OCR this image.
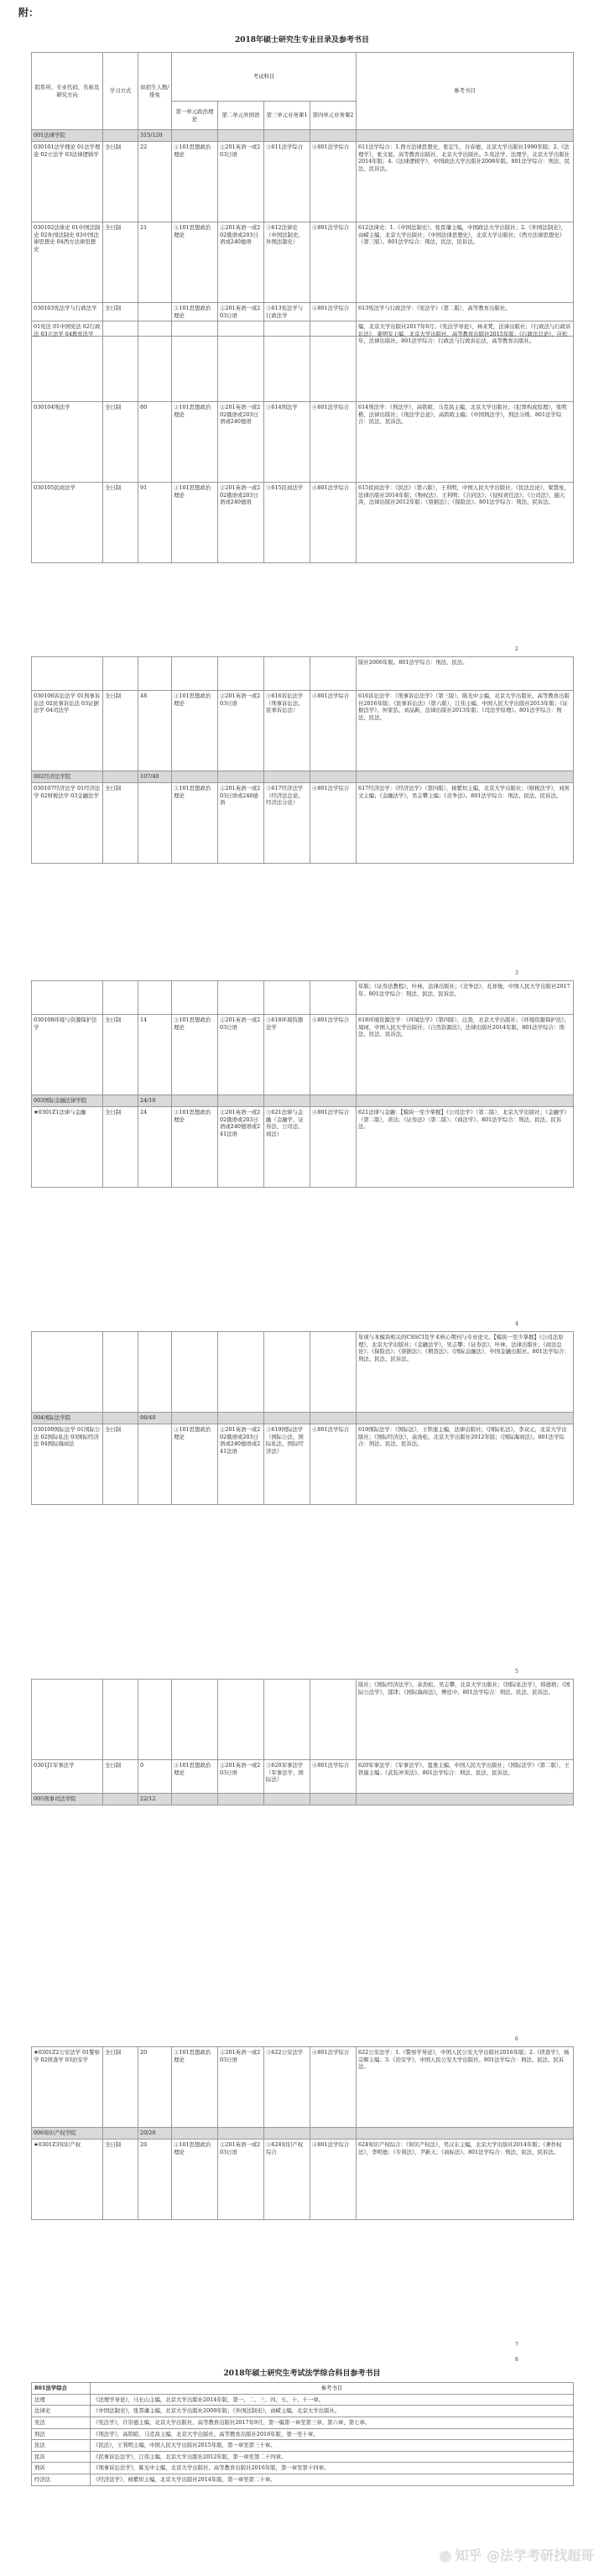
附：
2018年硕士研究生专业目录及参考书目
院系所、专业代码、名称及研究方向	学习方式	拟招生人数/推免	考试科目				参考书目
			第一单元政治理论	第二单元外国语	第三单元业务课1	第四单元业务课2	
001法律学院		315/120					
030101法学理论 01法学理论 02立法学 03法律逻辑学	全日制	22	①101思想政治理论	②201英语一或203日语	③611法学综合	④801法学综合	611法学综合：1.西方法律思想史，张宏生、谷春德，北京大学出版社1990年版；2.《法理学》，张文显，高等教育出版社、北京大学出版社。3.宪法学、法理学，北京大学出版社2014年版；4.《法律逻辑学》，中国政法大学出版社2008年版。801法学综合：刑法、民法、民诉法。
030102法律史 01中国法制史 02外国法制史 03中国法律思想史 04西方法律思想史	全日制	21	①101思想政治理论	②201英语一或202俄语或203日语或240德语	③612法律史（中国法制史、外国法制史）	④801法学综合	612法律史：1.《中国法制史》，张晋藩主编，中国政法大学出版社；2.《外国法制史》，由嵘主编，北京大学出版社；《中国法律思想史》，北京大学出版社；《西方法律思想史》（第三版）。801法学综合：刑法、民法、民诉法。
030103宪法学与行政法学	全日制		①101思想政治理论	②201英语一或203日语	③613宪法学与行政法学	④801法学综合	613宪法学与行政法学：《宪法学》（第二版），高等教育出版社。
01宪法 01中国宪法 02行政法 03立法学 04教育法学							编，北京大学出版社2017年9月；《宪法学导论》，林来梵，法律出版社；《行政法与行政诉讼法》，姜明安主编，北京大学出版社、高等教育出版社2015年版；《行政法总论》，应松年，法律出版社。801法学综合：行政法与行政诉讼法，高等教育出版社。
030104刑法学	全日制	80	①101思想政治理论	②201英语一或202俄语或203日语或240德语	③614刑法学	④801法学综合	614刑法学：《刑法学》，高铭暄、马克昌主编，北京大学出版社；《犯罪构成原理》，张明楷，法律出版社；《刑法学总论》，高铭暄主编；《中国刑法学》，刑法分则。801法学综合：民法、民诉法。
030105民商法学	全日制	91	①101思想政治理论	②201英语一或202俄语或203日语或240德语	③615民商法学	④801法学综合	615民商法学：《民法》（第六版），王利明，中国人民大学出版社；《民法总论》，梁慧星，法律出版社2014年版；《物权法》，王利明；《合同法》；《侵权责任法》；《公司法》，施天涛，法律出版社2012年版；《票据法》；《保险法》。801法学综合：刑法、民诉法。
2
							版社2006年版。801法学综合：刑法、民法。
030106诉讼法学 01刑事诉讼法 02民事诉讼法 03证据法学 04司法学	全日制	48	①101思想政治理论	②201英语一或203日语	③616诉讼法学（刑事诉讼法、民事诉讼法）	④801法学综合	616诉讼法学：《刑事诉讼法学》（第三版），陈光中主编，北京大学出版社、高等教育出版社2016年版；《民事诉讼法》（第六版），江伟主编，中国人民大学出版社2013年版；《证据法学》，何家弘、刘品新，法律出版社2013年版；《司法学原理》。801法学综合：刑法、民法。
002经济法学院		107/40					
030107经济法学 01经济法学 02财税法学 03金融法学	全日制		①101思想政治理论	②201英语一或203日语或240德语	③617经济法学（经济法总论、经济法分论）	④801法学综合	617经济法学：《经济法学》（第四版），杨紫烜主编，北京大学出版社；《财税法学》，刘剑文主编；《金融法学》，吴志攀主编；《竞争法》。801法学综合：刑法、民法、民诉法。
3
							年版；《证券法教程》，叶林，法律出版社；《竞争法》，孔祥俊，中国人民大学出版社2017年。801法学综合：刑法、民法、民诉法。
030108环境与资源保护法学	全日制	14	①101思想政治理论	②201英语一或203日语	③618环境资源法学	④801法学综合	618环境资源法学：《环境法学》（第四版），汪劲，北京大学出版社；《环境资源保护法》，周珂，中国人民大学出版社；《自然资源法》，法律出版社2014年版。801法学综合：刑法、民法、民诉法。
003国际金融法律学院		24/10					
★0301Z1法律与金融	全日制	24	①101思想政治理论	②201英语一或202俄语或203日语或240德语或241法语	③621法律与金融（金融学、证券法、公司法、商法）	④801法学综合	621法律与金融：【模块一至少掌握】《公司法学》（第二版），北京大学出版社；《金融学》（第二版），黄达；《证券法》（第二版）；《商法学》。801法学综合：刑法、民法、民诉法。
4
							年或与本模块相关的CSSCI及学术核心期刊与专业论文。【模块一至少掌握】《公司法原理》，北京大学出版社；《金融法学》，吴志攀；《证券法》，叶林，法律出版社；《商法总论》；《保险法》；《票据法》；《期货法》；《国际金融法》，中国金融出版社。801法学综合：刑法、民法、民诉法。
004国际法学院		98/40					
030109国际法学 01国际公法 02国际私法 03国际经济法 04国际海商法	全日制		①101思想政治理论	②201英语一或202俄语或203日语或240德语或241法语	③619国际法学（国际公法、国际私法、国际经济法）	④801法学综合	619国际法学：《国际法》，王铁崖主编，法律出版社；《国际私法》，李双元，北京大学出版社；《国际经济法》，余劲松，北京大学出版社2012年版；《国际海商法》。801法学综合：刑法、民法、民诉法。
5
							版社；《国际经济法学》，余劲松、吴志攀，北京大学出版社；《国际私法学》，韩德培；《国际公法学》，邵津；《国际海商法》，傅廷中。801法学综合：刑法、民法、民诉法。
0301J1军事法学	全日制	0	①101思想政治理论	②201英语一或203日语	③620军事法学（军事法学、国际法）	④801法学综合	620军事法学：《军事法学》，夏勇主编，中国人民大学出版社；《国际法学》（第二版），王铁崖主编；《武装冲突法》。801法学综合：刑法、民法、民诉法。
005刑事司法学院		22/12					
6
★0301Z2公安法学 01警察学 02侦查学 03治安学	全日制	20	①101思想政治理论	②201英语一或203日语	③622公安法学	④801法学综合	622公安法学：1.《警察学导论》，中国人民公安大学出版社2016年版；2.《侦查学》，杨宗辉主编；3.《治安学》，中国人民公安大学出版社。801法学综合：刑法、民法、民诉法。
006知识产权学院		20/20					
★0301Z3知识产权	全日制	20	①101思想政治理论	②201英语一或203日语	③624知识产权综合	④801法学综合	624知识产权综合：《知识产权法》，吴汉东主编，北京大学出版社2014年版；《著作权法》，李明德；《专利法》，尹新天；《商标法》。801法学综合：刑法、民法、民诉法。
7
8
2018年硕士研究生考试法学综合科目参考书目
801法学综合	参考书目
法理	《法理学导论》，马长山主编，北京大学出版社2014年版，第一、二、三、四、五、十、十一章。
法律史	《中国法制史》，张晋藩主编，北京大学出版社2009年版；《外国法制史》，由嵘主编，北京大学出版社。
宪法	《宪法学》，许崇德主编，北京大学出版社、高等教育出版社2017年9月，第一编第一章至第三章、第六章、第七章。
刑法	《刑法学》，高铭暄、马克昌主编，北京大学出版社、高等教育出版社2016年版，第一至十章。
民法	《民法》，王利明主编，中国人民大学出版社2015年版，第一章至第三十章。
民诉	《民事诉讼法学》，江伟主编，北京大学出版社2012年版，第一章至第二十四章。
刑诉	《刑事诉讼法学》，陈光中主编，北京大学出版社、高等教育出版社2016年版，第一章至第十四章。
经济法	《经济法学》，杨紫烜主编，北京大学出版社2014年版，第一章至第二十章。
知乎 @法学考研找超哥
